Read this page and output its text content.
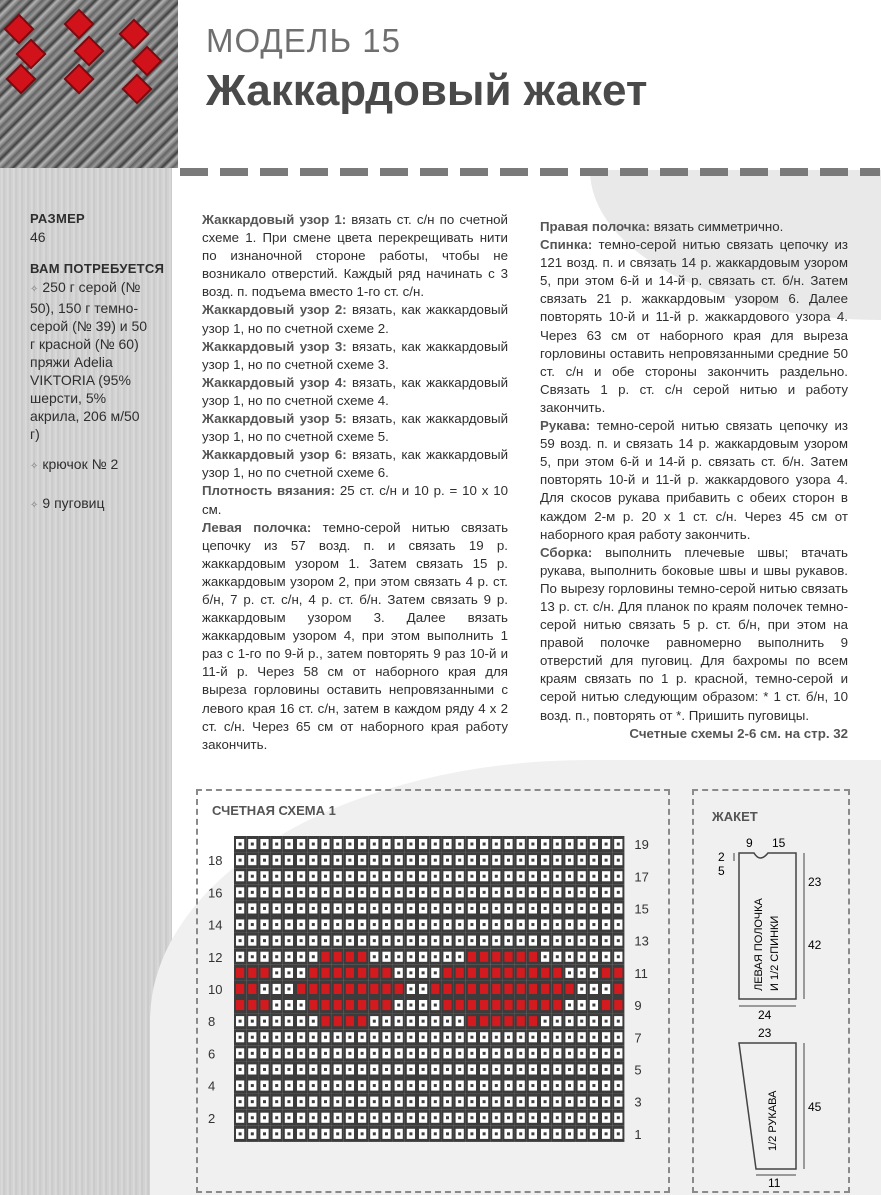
РАЗМЕР
46
ВАМ ПОТРЕБУЕТСЯ
✧ 250 г серой (№ 50), 150 г темно-серой (№ 39) и 50 г красной (№ 60) пряжи Adelia VIKTORIA (95% шерсти, 5% акрила, 206 м/50 г)
✧ крючок № 2
✧ 9 пуговиц
МОДЕЛЬ 15
Жаккардовый жакет
Жаккардовый узор 1: вязать ст. с/н по счетной схеме 1. При смене цвета перекрещивать нити по изнаночной стороне работы, чтобы не возникало отверстий. Каждый ряд начинать с 3 возд. п. подъема вместо 1-го ст. с/н.
Жаккардовый узор 2: вязать, как жаккардовый узор 1, но по счетной схеме 2.
Жаккардовый узор 3: вязать, как жаккардовый узор 1, но по счетной схеме 3.
Жаккардовый узор 4: вязать, как жаккардовый узор 1, но по счетной схеме 4.
Жаккардовый узор 5: вязать, как жаккардовый узор 1, но по счетной схеме 5.
Жаккардовый узор 6: вязать, как жаккардовый узор 1, но по счетной схеме 6.
Плотность вязания: 25 ст. с/н и 10 р. = 10 х 10 см.
Левая полочка: темно-серой нитью связать цепочку из 57 возд. п. и связать 19 р. жаккардовым узором 1. Затем связать 15 р. жаккардовым узором 2, при этом связать 4 р. ст. б/н, 7 р. ст. с/н, 4 р. ст. б/н. Затем связать 9 р. жаккардовым узором 3. Далее вязать жаккардовым узором 4, при этом выполнить 1 раз с 1-го по 9-й р., затем повторять 9 раз 10-й и 11-й р. Через 58 см от наборного края для выреза горловины оставить непровязанными с левого края 16 ст. с/н, затем в каждом ряду 4 х 2 ст. с/н. Через 65 см от наборного края работу закончить.
Правая полочка: вязать симметрично.
Спинка: темно-серой нитью связать цепочку из 121 возд. п. и связать 14 р. жаккардовым узором 5, при этом 6-й и 14-й р. связать ст. б/н. Затем связать 21 р. жаккардовым узором 6. Далее повторять 10-й и 11-й р. жаккардового узора 4. Через 63 см от наборного края для выреза горловины оставить непровязанными средние 50 ст. с/н и обе стороны закончить раздельно. Связать 1 р. ст. с/н серой нитью и работу закончить.
Рукава: темно-серой нитью связать цепочку из 59 возд. п. и связать 14 р. жаккардовым узором 5, при этом 6-й и 14-й р. связать ст. б/н. Затем повторять 10-й и 11-й р. жаккардового узора 4. Для скосов рукава прибавить с обеих сторон в каждом 2-м р. 20 х 1 ст. с/н. Через 45 см от наборного края работу закончить.
Сборка: выполнить плечевые швы; втачать рукава, выполнить боковые швы и швы рукавов. По вырезу горловины темно-серой нитью связать 13 р. ст. с/н. Для планок по краям полочек темно-серой нитью связать 5 р. ст. б/н, при этом на правой полочке равномерно выполнить 9 отверстий для пуговиц. Для бахромы по всем краям связать по 1 р. красной, темно-серой и серой нитью следующим образом: * 1 ст. б/н, 10 возд. п., повторять от *. Пришить пуговицы.
Счетные схемы 2-6 см. на стр. 32
СЧЕТНАЯ СХЕМА 1
18
16
14
12
10
8
6
4
2
19
17
15
13
11
9
7
5
3
1
ЖАКЕТ
9 15
2
5
23
42
24
ЛЕВАЯ ПОЛОЧКА И 1/2 СПИНКИ
23
45
11
1/2 РУКАВА
